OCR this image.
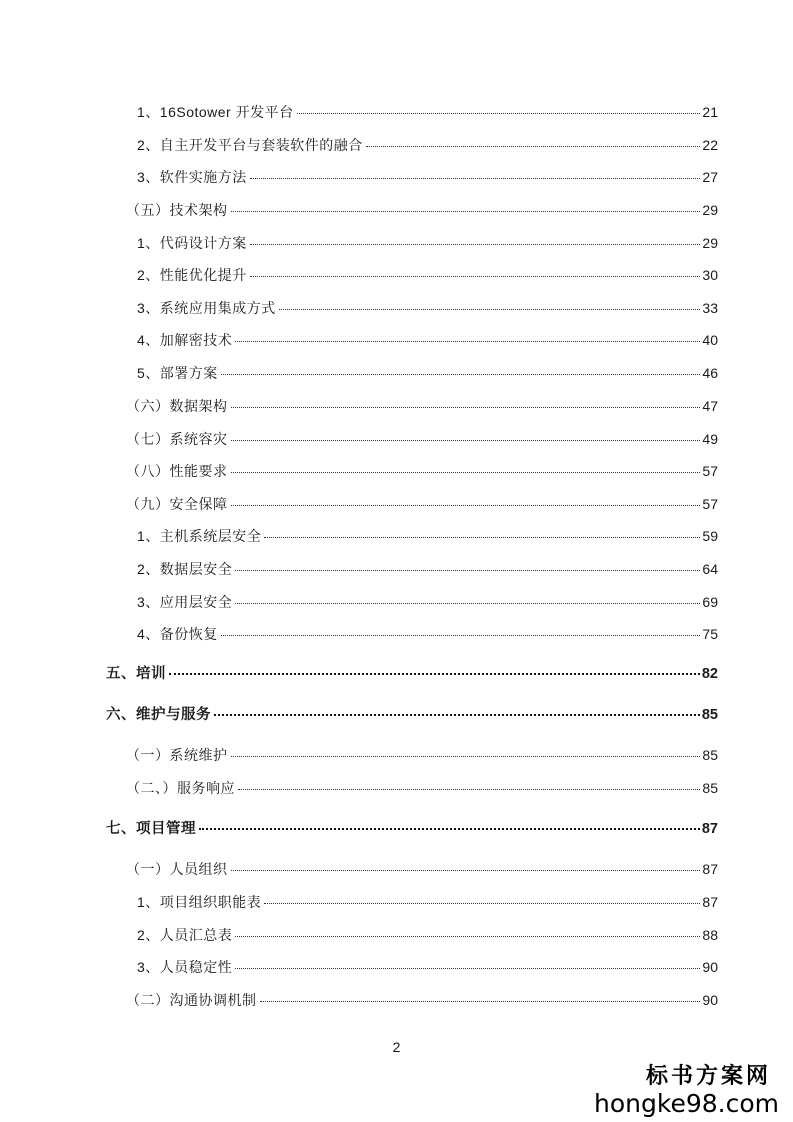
1、16Sotower 开发平台	21
2、自主开发平台与套装软件的融合	22
3、软件实施方法	27
（五）技术架构	29
1、代码设计方案	29
2、性能优化提升	30
3、系统应用集成方式	33
4、加解密技术	40
5、部署方案	46
（六）数据架构	47
（七）系统容灾	49
（八）性能要求	57
（九）安全保障	57
1、主机系统层安全	59
2、数据层安全	64
3、应用层安全	69
4、备份恢复	75
五、培训	82
六、维护与服务	85
（一）系统维护	85
（二、）服务响应	85
七、项目管理	87
（一）人员组织	87
1、项目组织职能表	87
2、人员汇总表	88
3、人员稳定性	90
（二）沟通协调机制	90
2
标书方案网
hongke98.com
